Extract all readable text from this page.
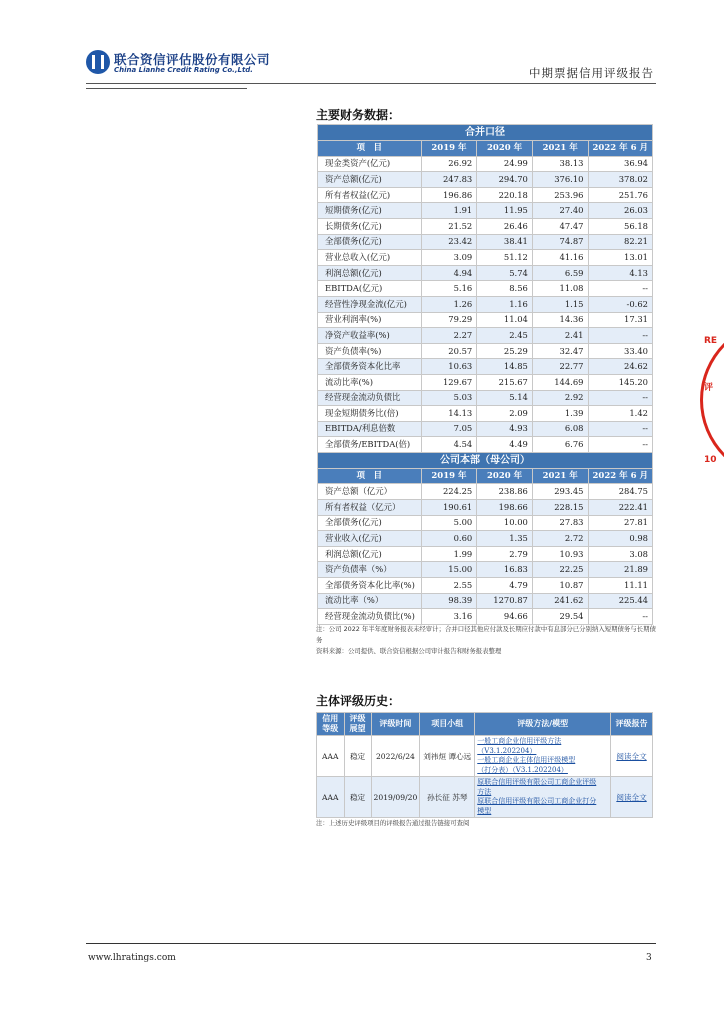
联合资信评估股份有限公司
China Lianhe Credit Rating Co.,Ltd.	中期票据信用评级报告
主要财务数据：
合并口径				
项　目	2019 年	2020 年	2021 年	2022 年 6 月
现金类资产(亿元)	26.92	24.99	38.13	36.94
资产总额(亿元)	247.83	294.70	376.10	378.02
所有者权益(亿元)	196.86	220.18	253.96	251.76
短期债务(亿元)	1.91	11.95	27.40	26.03
长期债务(亿元)	21.52	26.46	47.47	56.18
全部债务(亿元)	23.42	38.41	74.87	82.21
营业总收入(亿元)	3.09	51.12	41.16	13.01
利润总额(亿元)	4.94	5.74	6.59	4.13
EBITDA(亿元)	5.16	8.56	11.08	--
经营性净现金流(亿元)	1.26	1.16	1.15	-0.62
营业利润率(%)	79.29	11.04	14.36	17.31
净资产收益率(%)	2.27	2.45	2.41	--
资产负债率(%)	20.57	25.29	32.47	33.40
全部债务资本化比率	10.63	14.85	22.77	24.62
流动比率(%)	129.67	215.67	144.69	145.20
经营现金流动负债比	5.03	5.14	2.92	--
现金短期债务比(倍)	14.13	2.09	1.39	1.42
EBITDA/利息倍数	7.05	4.93	6.08	--
全部债务/EBITDA(倍)	4.54	4.49	6.76	--
公司本部（母公司）				
项　目	2019 年	2020 年	2021 年	2022 年 6 月
资产总额（亿元）	224.25	238.86	293.45	284.75
所有者权益（亿元）	190.61	198.66	228.15	222.41
全部债务(亿元)	5.00	10.00	27.83	27.81
营业收入(亿元)	0.60	1.35	2.72	0.98
利润总额(亿元)	1.99	2.79	10.93	3.08
资产负债率（%）	15.00	16.83	22.25	21.89
全部债务资本化比率(%)	2.55	4.79	10.87	11.11
流动比率（%）	98.39	1270.87	241.62	225.44
经营现金流动负债比(%)	3.16	94.66	29.54	--
注：公司 2022 年半年度财务报表未经审计；合并口径其他应付款及长期应付款中有息部分已分别纳入短期债务与长期债务
资料来源：公司提供、联合资信根据公司审计报告和财务报表整理
主体评级历史：
信用等级	评级展望	评级时间	项目小组	评级方法/模型	评级报告
AAA	稳定	2022/6/24	刘祎烜 谭心远	一般工商企业信用评级方法
（V3.1.202204）
一般工商企业主体信用评级模型
（打分表）（V3.1.202204）	阅读全文
AAA	稳定	2019/09/20	孙长征 苏琴	原联合信用评级有限公司工商企业评级
方法
原联合信用评级有限公司工商企业打分
模型	阅读全文
注：上述历史评级项目的评级报告通过报告链接可查阅
RE
评
10
www.lhratings.com	3
